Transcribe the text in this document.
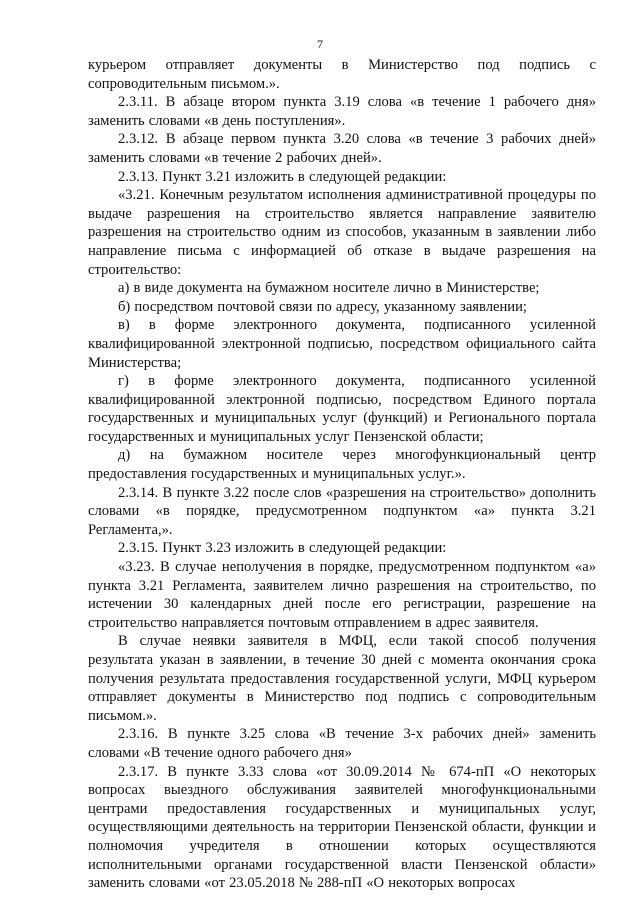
7

курьером отправляет документы в Министерство под подпись с сопроводительным письмом.».

2.3.11. В абзаце втором пункта 3.19 слова «в течение 1 рабочего дня» заменить словами «в день поступления».

2.3.12. В абзаце первом пункта 3.20 слова «в течение 3 рабочих дней» заменить словами «в течение 2 рабочих дней».

2.3.13. Пункт 3.21 изложить в следующей редакции:

«3.21. Конечным результатом исполнения административной процедуры по выдаче разрешения на строительство является направление заявителю разрешения на строительство одним из способов, указанным в заявлении либо направление письма с информацией об отказе в выдаче разрешения на строительство:

а) в виде документа на бумажном носителе лично в Министерстве;

б) посредством почтовой связи по адресу, указанному заявлении;

в) в форме электронного документа, подписанного усиленной квалифицированной электронной подписью, посредством официального сайта Министерства;

г) в форме электронного документа, подписанного усиленной квалифицированной электронной подписью, посредством Единого портала государственных и муниципальных услуг (функций) и Регионального портала государственных и муниципальных услуг Пензенской области;

д) на бумажном носителе через многофункциональный центр предоставления государственных и муниципальных услуг.».

2.3.14. В пункте 3.22 после слов «разрешения на строительство» дополнить словами «в порядке, предусмотренном подпунктом «а» пункта 3.21 Регламента,».

2.3.15. Пункт 3.23 изложить в следующей редакции:

«3.23. В случае неполучения в порядке, предусмотренном подпунктом «а» пункта 3.21 Регламента, заявителем лично разрешения на строительство, по истечении 30 календарных дней после его регистрации, разрешение на строительство направляется почтовым отправлением в адрес заявителя.

В случае неявки заявителя в МФЦ, если такой способ получения результата указан в заявлении, в течение 30 дней с момента окончания срока получения результата предоставления государственной услуги, МФЦ курьером отправляет документы в Министерство под подпись с сопроводительным письмом.».

2.3.16. В пункте 3.25 слова «В течение 3-х рабочих дней» заменить словами «В течение одного рабочего дня»

2.3.17. В пункте 3.33 слова «от 30.09.2014 № 674-пП «О некоторых вопросах выездного обслуживания заявителей многофункциональными центрами предоставления государственных и муниципальных услуг, осуществляющими деятельность на территории Пензенской области, функции и полномочия учредителя в отношении которых осуществляются исполнительными органами государственной власти Пензенской области» заменить словами «от 23.05.2018 № 288-пП «О некоторых вопросах
